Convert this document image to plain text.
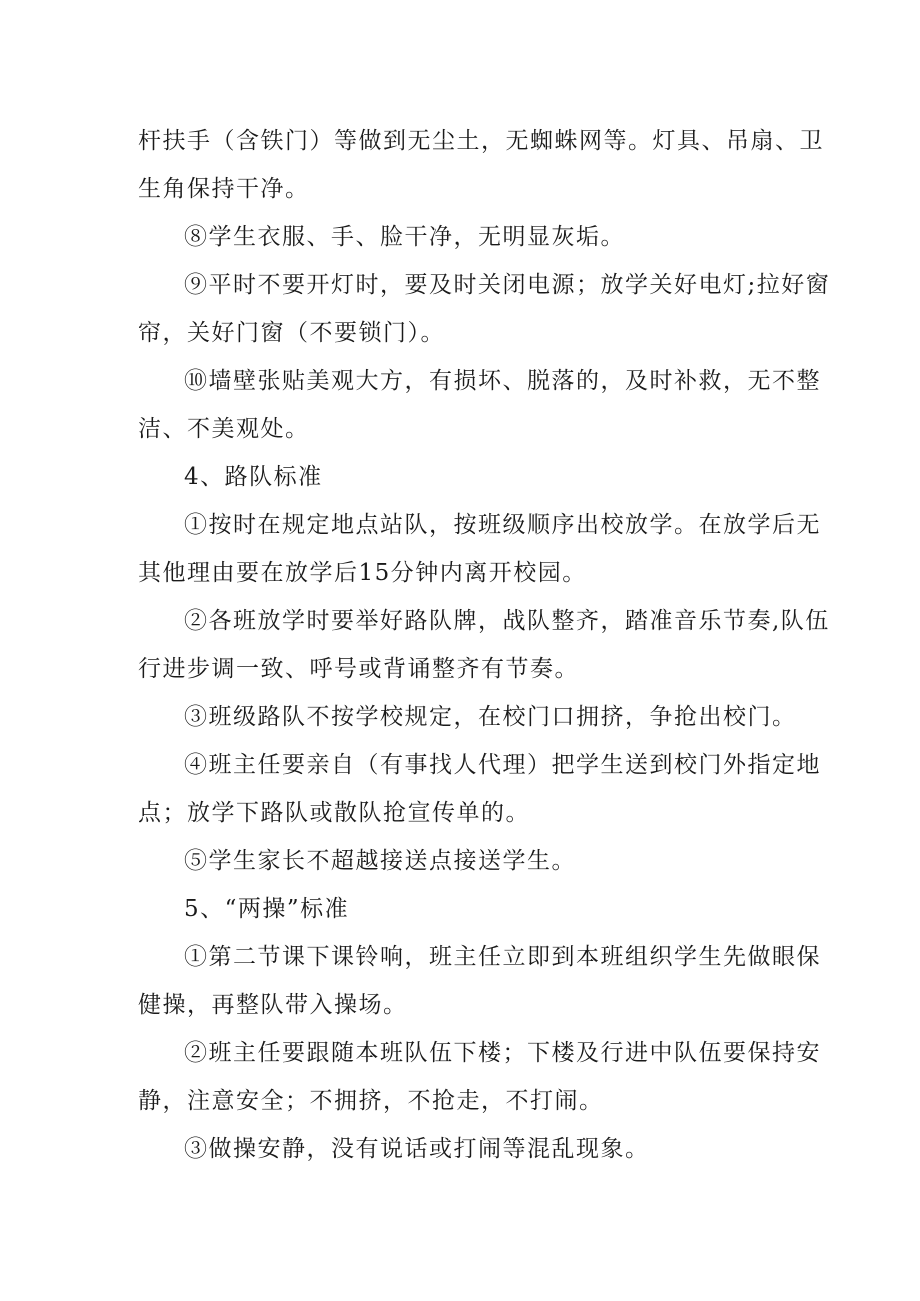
杆扶手（含铁门）等做到无尘土，无蜘蛛网等。灯具、吊扇、卫

生角保持干净。

⑧学生衣服、手、脸干净，无明显灰垢。

⑨平时不要开灯时，要及时关闭电源；放学关好电灯;拉好窗

帘，关好门窗（不要锁门）。

⑩墙壁张贴美观大方，有损坏、脱落的，及时补救，无不整

洁、不美观处。

4、路队标准

①按时在规定地点站队，按班级顺序出校放学。在放学后无

其他理由要在放学后15分钟内离开校园。

②各班放学时要举好路队牌，战队整齐，踏准音乐节奏,队伍

行进步调一致、呼号或背诵整齐有节奏。

③班级路队不按学校规定，在校门口拥挤，争抢出校门。

④班主任要亲自（有事找人代理）把学生送到校门外指定地

点；放学下路队或散队抢宣传单的。

⑤学生家长不超越接送点接送学生。

5、“两操”标准

①第二节课下课铃响，班主任立即到本班组织学生先做眼保

健操，再整队带入操场。

②班主任要跟随本班队伍下楼；下楼及行进中队伍要保持安

静，注意安全；不拥挤，不抢走，不打闹。

③做操安静，没有说话或打闹等混乱现象。
